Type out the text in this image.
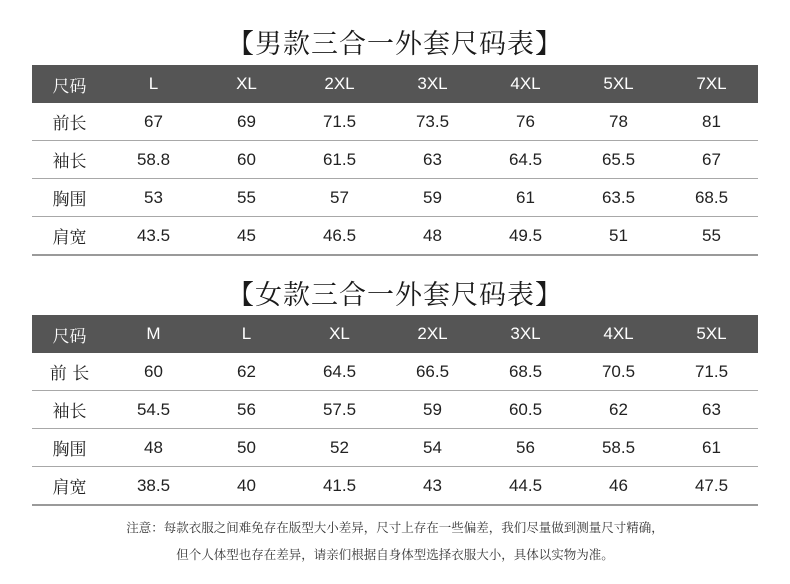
【男款三合一外套尺码表】
尺码	L	XL	2XL	3XL	4XL	5XL	7XL
前长	67	69	71.5	73.5	76	78	81
袖长	58.8	60	61.5	63	64.5	65.5	67
胸围	53	55	57	59	61	63.5	68.5
肩宽	43.5	45	46.5	48	49.5	51	55
【女款三合一外套尺码表】
尺码	M	L	XL	2XL	3XL	4XL	5XL
前 长	60	62	64.5	66.5	68.5	70.5	71.5
袖长	54.5	56	57.5	59	60.5	62	63
胸围	48	50	52	54	56	58.5	61
肩宽	38.5	40	41.5	43	44.5	46	47.5
注意：每款衣服之间难免存在版型大小差异，尺寸上存在一些偏差，我们尽量做到测量尺寸精确，
但个人体型也存在差异，请亲们根据自身体型选择衣服大小，具体以实物为准。
